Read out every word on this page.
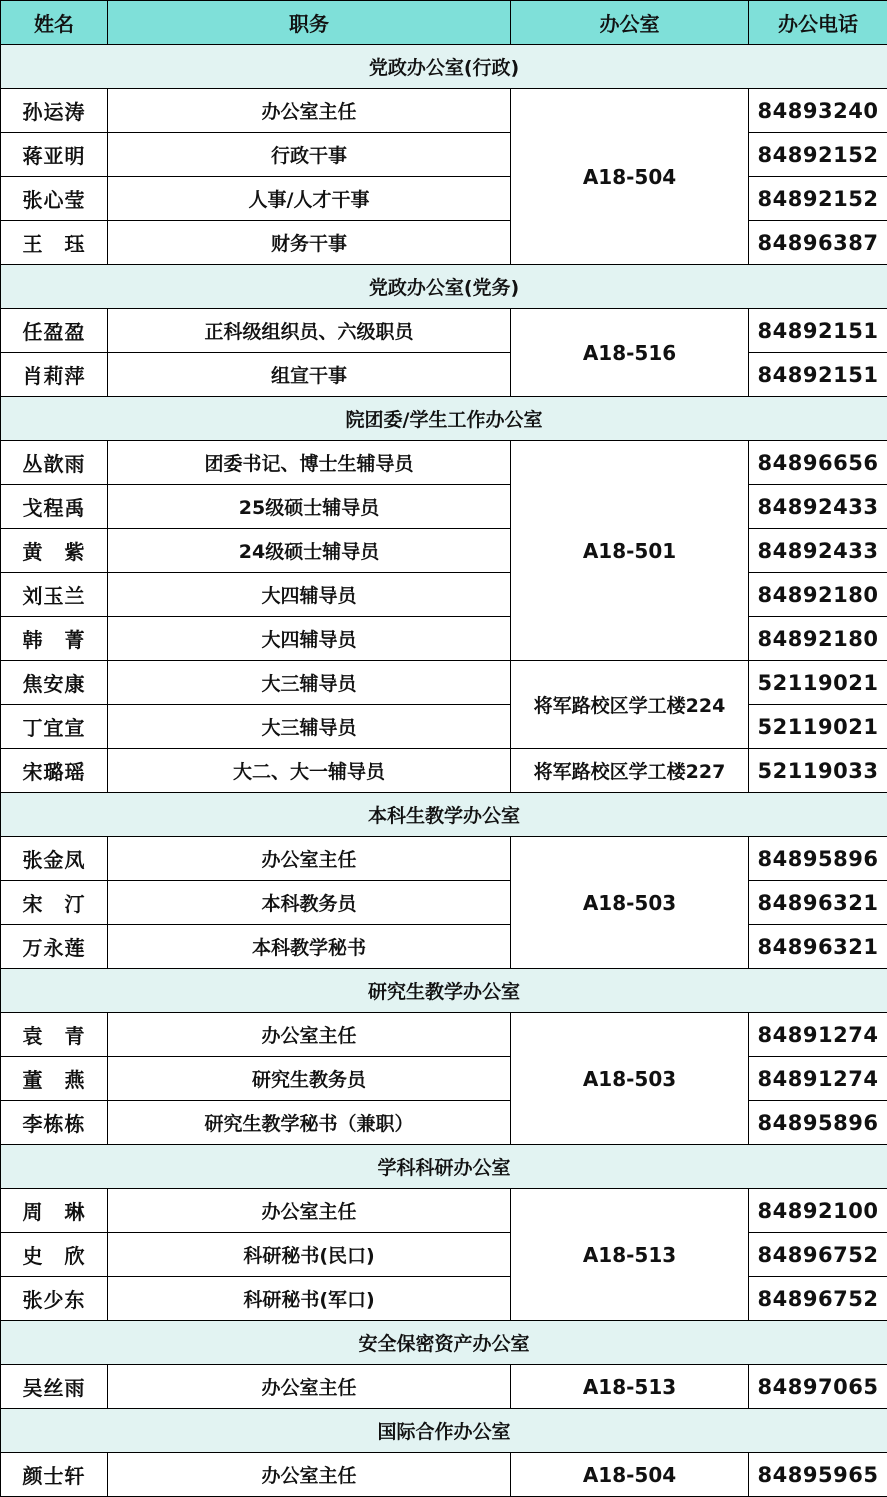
姓名	职务	办公室	办公电话
党政办公室(行政)			
孙运涛	办公室主任	A18-504	84893240
蒋亚明	行政干事		84892152
张心莹	人事/人才干事		84892152
王　珏	财务干事		84896387
党政办公室(党务)			
任盈盈	正科级组织员、六级职员	A18-516	84892151
肖莉萍	组宣干事		84892151
院团委/学生工作办公室			
丛歆雨	团委书记、博士生辅导员	A18-501	84896656
戈程禹	25级硕士辅导员		84892433
黄　紫	24级硕士辅导员		84892433
刘玉兰	大四辅导员		84892180
韩　菁	大四辅导员		84892180
焦安康	大三辅导员	将军路校区学工楼224	52119021
丁宜宣	大三辅导员		52119021
宋璐瑶	大二、大一辅导员	将军路校区学工楼227	52119033
本科生教学办公室			
张金凤	办公室主任	A18-503	84895896
宋　汀	本科教务员		84896321
万永莲	本科教学秘书		84896321
研究生教学办公室			
袁　青	办公室主任	A18-503	84891274
董　燕	研究生教务员		84891274
李栋栋	研究生教学秘书（兼职）		84895896
学科科研办公室			
周　琳	办公室主任	A18-513	84892100
史　欣	科研秘书(民口)		84896752
张少东	科研秘书(军口)		84896752
安全保密资产办公室			
吴丝雨	办公室主任	A18-513	84897065
国际合作办公室			
颜士轩	办公室主任	A18-504	84895965
